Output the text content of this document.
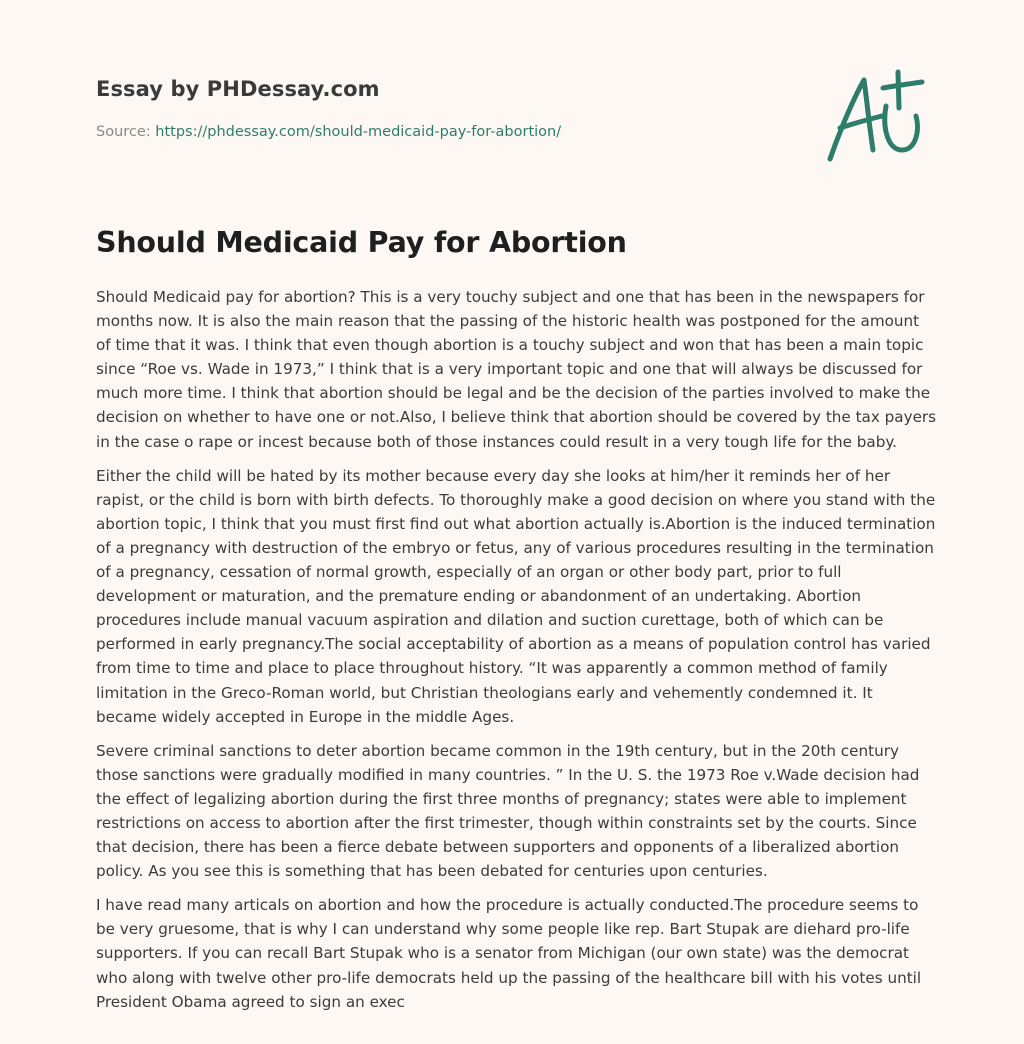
Essay by PHDessay.com
Source: https://phdessay.com/should-medicaid-pay-for-abortion/
Should Medicaid Pay for Abortion

Should Medicaid pay for abortion? This is a very touchy subject and one that has been in the newspapers for months now. It is also the main reason that the passing of the historic health was postponed for the amount of time that it was. I think that even though abortion is a touchy subject and won that has been a main topic since “Roe vs. Wade in 1973,” I think that is a very important topic and one that will always be discussed for much more time. I think that abortion should be legal and be the decision of the parties involved to make the decision on whether to have one or not.Also, I believe think that abortion should be covered by the tax payers in the case o rape or incest because both of those instances could result in a very tough life for the baby.

Either the child will be hated by its mother because every day she looks at him/her it reminds her of her rapist, or the child is born with birth defects. To thoroughly make a good decision on where you stand with the abortion topic, I think that you must first find out what abortion actually is.Abortion is the induced termination of a pregnancy with destruction of the embryo or fetus, any of various procedures resulting in the termination of a pregnancy, cessation of normal growth, especially of an organ or other body part, prior to full development or maturation, and the premature ending or abandonment of an undertaking. Abortion procedures include manual vacuum aspiration and dilation and suction curettage, both of which can be performed in early pregnancy.The social acceptability of abortion as a means of population control has varied from time to time and place to place throughout history. “It was apparently a common method of family limitation in the Greco-Roman world, but Christian theologians early and vehemently condemned it. It became widely accepted in Europe in the middle Ages.

Severe criminal sanctions to deter abortion became common in the 19th century, but in the 20th century those sanctions were gradually modified in many countries. ” In the U. S. the 1973 Roe v.Wade decision had the effect of legalizing abortion during the first three months of pregnancy; states were able to implement restrictions on access to abortion after the first trimester, though within constraints set by the courts. Since that decision, there has been a fierce debate between supporters and opponents of a liberalized abortion policy. As you see this is something that has been debated for centuries upon centuries.

I have read many articals on abortion and how the procedure is actually conducted.The procedure seems to be very gruesome, that is why I can understand why some people like rep. Bart Stupak are diehard pro-life supporters. If you can recall Bart Stupak who is a senator from Michigan (our own state) was the democrat who along with twelve other pro-life democrats held up the passing of the healthcare bill with his votes until President Obama agreed to sign an exec
